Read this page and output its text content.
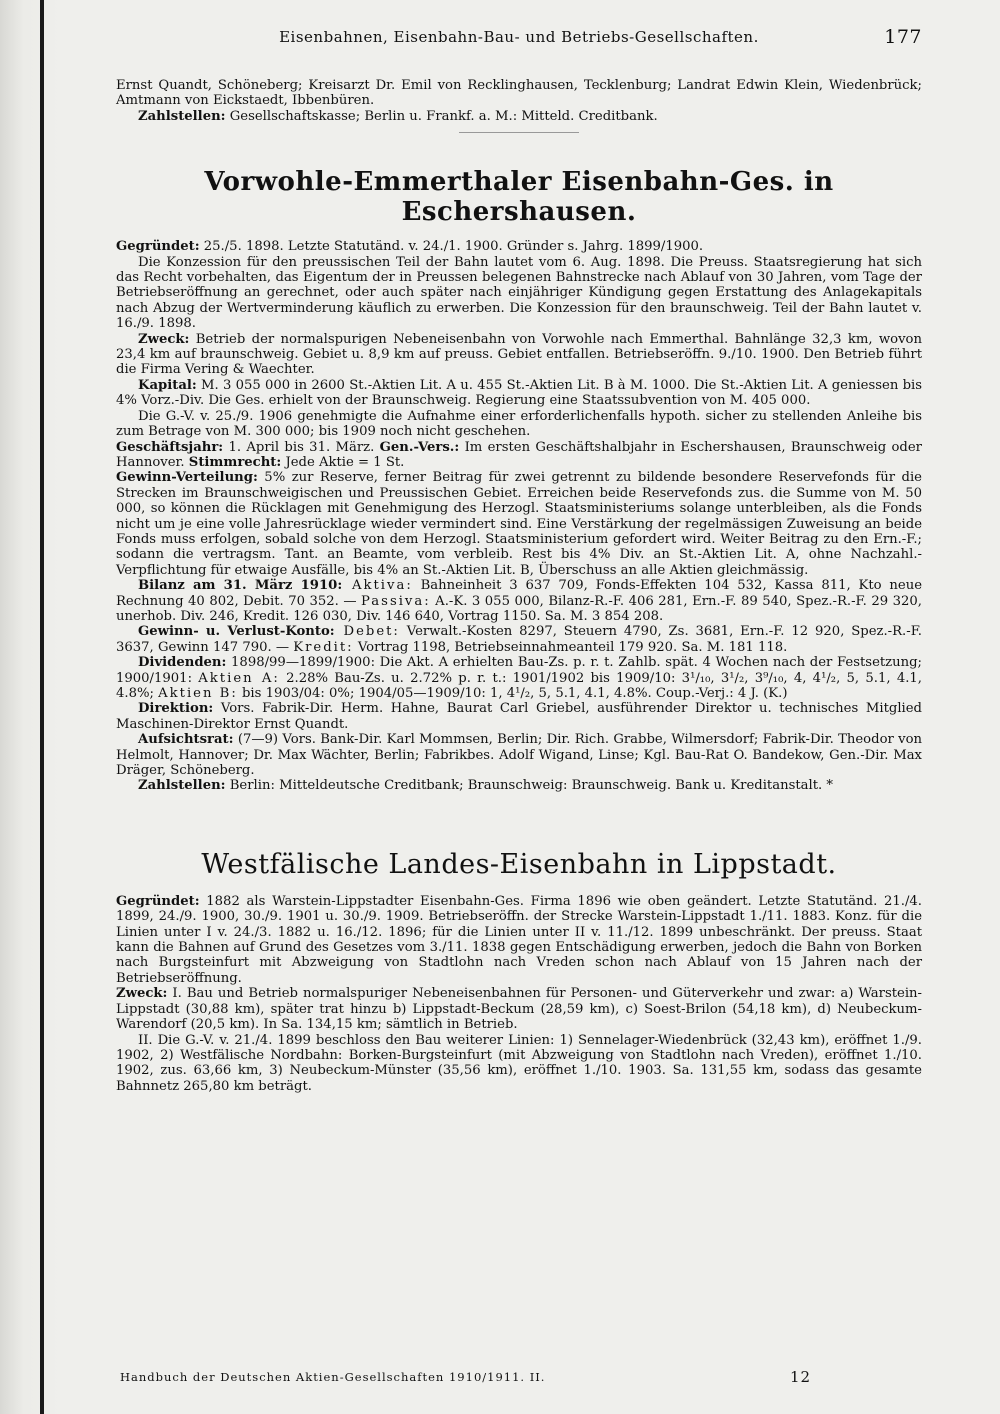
Eisenbahnen, Eisenbahn-Bau- und Betriebs-Gesellschaften.	177

Ernst Quandt, Schöneberg; Kreisarzt Dr. Emil von Recklinghausen, Tecklenburg; Landrat Edwin Klein, Wiedenbrück; Amtmann von Eickstaedt, Ibbenbüren.

Zahlstellen: Gesellschaftskasse; Berlin u. Frankf. a. M.: Mitteld. Creditbank.

Vorwohle-Emmerthaler Eisenbahn-Ges. in Eschershausen.

Gegründet: 25./5. 1898. Letzte Statutänd. v. 24./1. 1900. Gründer s. Jahrg. 1899/1900.

Die Konzession für den preussischen Teil der Bahn lautet vom 6. Aug. 1898. Die Preuss. Staatsregierung hat sich das Recht vorbehalten, das Eigentum der in Preussen belegenen Bahnstrecke nach Ablauf von 30 Jahren, vom Tage der Betriebseröffnung an gerechnet, oder auch später nach einjähriger Kündigung gegen Erstattung des Anlagekapitals nach Abzug der Wertverminderung käuflich zu erwerben. Die Konzession für den braunschweig. Teil der Bahn lautet v. 16./9. 1898.

Zweck: Betrieb der normalspurigen Nebeneisenbahn von Vorwohle nach Emmerthal. Bahnlänge 32,3 km, wovon 23,4 km auf braunschweig. Gebiet u. 8,9 km auf preuss. Gebiet entfallen. Betriebseröffn. 9./10. 1900. Den Betrieb führt die Firma Vering & Waechter.

Kapital: M. 3 055 000 in 2600 St.-Aktien Lit. A u. 455 St.-Aktien Lit. B à M. 1000. Die St.-Aktien Lit. A geniessen bis 4% Vorz.-Div. Die Ges. erhielt von der Braunschweig. Regierung eine Staatssubvention von M. 405 000.

Die G.-V. v. 25./9. 1906 genehmigte die Aufnahme einer erforderlichenfalls hypoth. sicher zu stellenden Anleihe bis zum Betrage von M. 300 000; bis 1909 noch nicht geschehen.

Geschäftsjahr: 1. April bis 31. März. Gen.-Vers.: Im ersten Geschäftshalbjahr in Eschershausen, Braunschweig oder Hannover. Stimmrecht: Jede Aktie = 1 St.

Gewinn-Verteilung: 5% zur Reserve, ferner Beitrag für zwei getrennt zu bildende besondere Reservefonds für die Strecken im Braunschweigischen und Preussischen Gebiet. Erreichen beide Reservefonds zus. die Summe von M. 50 000, so können die Rücklagen mit Genehmigung des Herzogl. Staatsministeriums solange unterbleiben, als die Fonds nicht um je eine volle Jahresrücklage wieder vermindert sind. Eine Verstärkung der regelmässigen Zuweisung an beide Fonds muss erfolgen, sobald solche von dem Herzogl. Staatsministerium gefordert wird. Weiter Beitrag zu den Ern.-F.; sodann die vertragsm. Tant. an Beamte, vom verbleib. Rest bis 4% Div. an St.-Aktien Lit. A, ohne Nachzahl.-Verpflichtung für etwaige Ausfälle, bis 4% an St.-Aktien Lit. B, Überschuss an alle Aktien gleichmässig.

Bilanz am 31. März 1910: Aktiva: Bahneinheit 3 637 709, Fonds-Effekten 104 532, Kassa 811, Kto neue Rechnung 40 802, Debit. 70 352. — Passiva: A.-K. 3 055 000, Bilanz-R.-F. 406 281, Ern.-F. 89 540, Spez.-R.-F. 29 320, unerhob. Div. 246, Kredit. 126 030, Div. 146 640, Vortrag 1150. Sa. M. 3 854 208.

Gewinn- u. Verlust-Konto: Debet: Verwalt.-Kosten 8297, Steuern 4790, Zs. 3681, Ern.-F. 12 920, Spez.-R.-F. 3637, Gewinn 147 790. — Kredit: Vortrag 1198, Betriebseinnahmeanteil 179 920. Sa. M. 181 118.

Dividenden: 1898/99—1899/1900: Die Akt. A erhielten Bau-Zs. p. r. t. Zahlb. spät. 4 Wochen nach der Festsetzung; 1900/1901: Aktien A: 2.28% Bau-Zs. u. 2.72% p. r. t.: 1901/1902 bis 1909/10: 3¹/₁₀, 3¹/₂, 3⁹/₁₀, 4, 4¹/₂, 5, 5.1, 4.1, 4.8%; Aktien B: bis 1903/04: 0%; 1904/05—1909/10: 1, 4¹/₂, 5, 5.1, 4.1, 4.8%. Coup.-Verj.: 4 J. (K.)

Direktion: Vors. Fabrik-Dir. Herm. Hahne, Baurat Carl Griebel, ausführender Direktor u. technisches Mitglied Maschinen-Direktor Ernst Quandt.

Aufsichtsrat: (7—9) Vors. Bank-Dir. Karl Mommsen, Berlin; Dir. Rich. Grabbe, Wilmersdorf; Fabrik-Dir. Theodor von Helmolt, Hannover; Dr. Max Wächter, Berlin; Fabrikbes. Adolf Wigand, Linse; Kgl. Bau-Rat O. Bandekow, Gen.-Dir. Max Dräger, Schöneberg.

Zahlstellen: Berlin: Mitteldeutsche Creditbank; Braunschweig: Braunschweig. Bank u. Kreditanstalt. *

Westfälische Landes-Eisenbahn in Lippstadt.

Gegründet: 1882 als Warstein-Lippstadter Eisenbahn-Ges. Firma 1896 wie oben geändert. Letzte Statutänd. 21./4. 1899, 24./9. 1900, 30./9. 1901 u. 30./9. 1909. Betriebseröffn. der Strecke Warstein-Lippstadt 1./11. 1883. Konz. für die Linien unter I v. 24./3. 1882 u. 16./12. 1896; für die Linien unter II v. 11./12. 1899 unbeschränkt. Der preuss. Staat kann die Bahnen auf Grund des Gesetzes vom 3./11. 1838 gegen Entschädigung erwerben, jedoch die Bahn von Borken nach Burgsteinfurt mit Abzweigung von Stadtlohn nach Vreden schon nach Ablauf von 15 Jahren nach der Betriebseröffnung.

Zweck: I. Bau und Betrieb normalspuriger Nebeneisenbahnen für Personen- und Güterverkehr und zwar: a) Warstein-Lippstadt (30,88 km), später trat hinzu b) Lippstadt-Beckum (28,59 km), c) Soest-Brilon (54,18 km), d) Neubeckum-Warendorf (20,5 km). In Sa. 134,15 km; sämtlich in Betrieb.

II. Die G.-V. v. 21./4. 1899 beschloss den Bau weiterer Linien: 1) Sennelager-Wiedenbrück (32,43 km), eröffnet 1./9. 1902, 2) Westfälische Nordbahn: Borken-Burgsteinfurt (mit Abzweigung von Stadtlohn nach Vreden), eröffnet 1./10. 1902, zus. 63,66 km, 3) Neubeckum-Münster (35,56 km), eröffnet 1./10. 1903. Sa. 131,55 km, sodass das gesamte Bahnnetz 265,80 km beträgt.

Handbuch der Deutschen Aktien-Gesellschaften 1910/1911. II.	12
